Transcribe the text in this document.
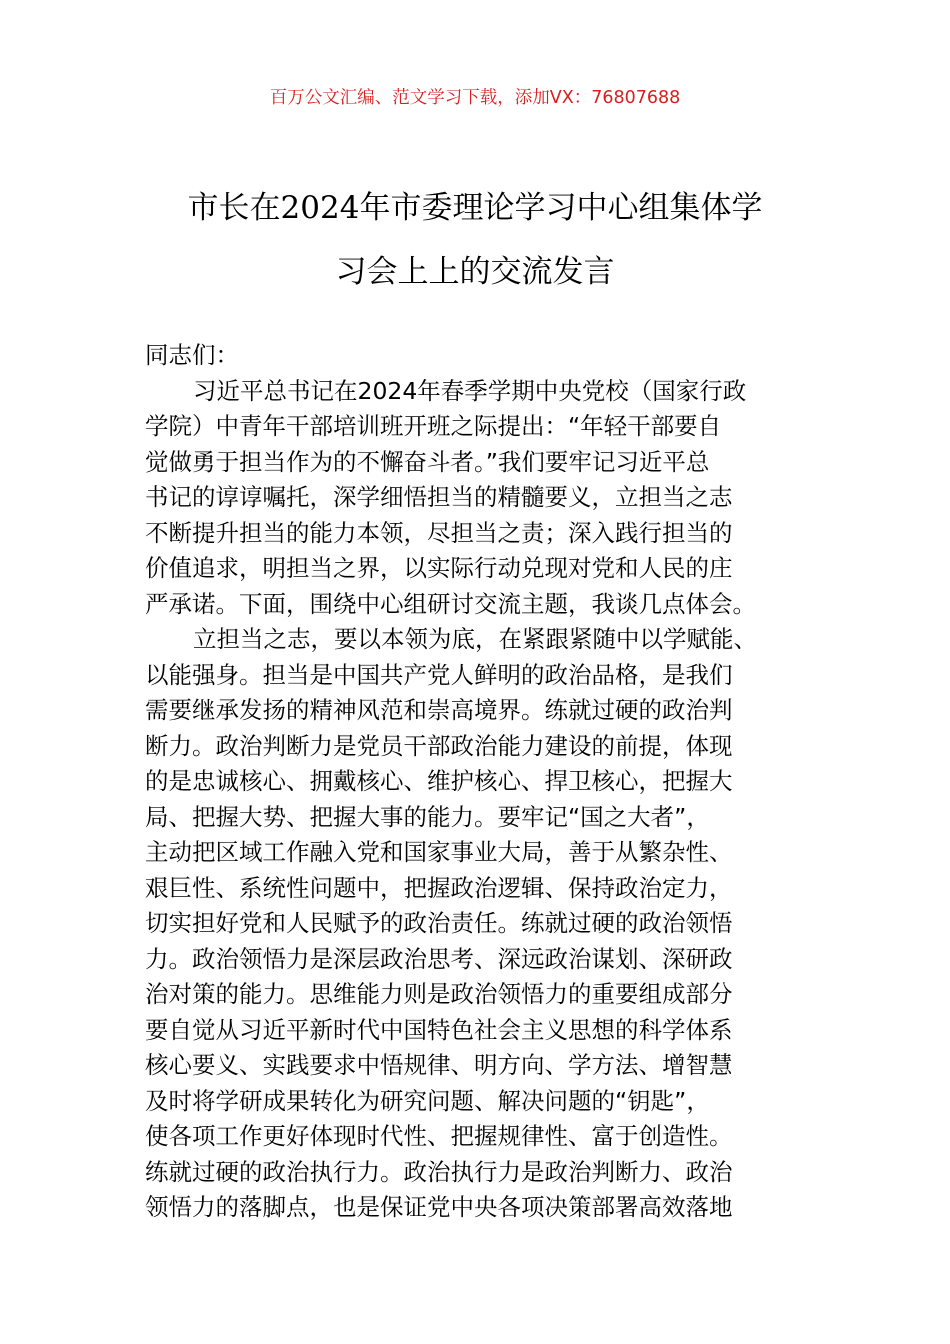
百万公文汇编、范文学习下载，添加VX：76807688
市长在2024年市委理论学习中心组集体学
习会上上的交流发言
同志们：
习近平总书记在2024年春季学期中央党校（国家行政
学院）中青年干部培训班开班之际提出：“年轻干部要自
觉做勇于担当作为的不懈奋斗者。”我们要牢记习近平总
书记的谆谆嘱托，深学细悟担当的精髓要义，立担当之志
不断提升担当的能力本领，尽担当之责；深入践行担当的
价值追求，明担当之界，以实际行动兑现对党和人民的庄
严承诺。下面，围绕中心组研讨交流主题，我谈几点体会。
立担当之志，要以本领为底，在紧跟紧随中以学赋能、
以能强身。担当是中国共产党人鲜明的政治品格，是我们
需要继承发扬的精神风范和崇高境界。练就过硬的政治判
断力。政治判断力是党员干部政治能力建设的前提，体现
的是忠诚核心、拥戴核心、维护核心、捍卫核心，把握大
局、把握大势、把握大事的能力。要牢记“国之大者”，
主动把区域工作融入党和国家事业大局，善于从繁杂性、
艰巨性、系统性问题中，把握政治逻辑、保持政治定力，
切实担好党和人民赋予的政治责任。练就过硬的政治领悟
力。政治领悟力是深层政治思考、深远政治谋划、深研政
治对策的能力。思维能力则是政治领悟力的重要组成部分
要自觉从习近平新时代中国特色社会主义思想的科学体系
核心要义、实践要求中悟规律、明方向、学方法、增智慧
及时将学研成果转化为研究问题、解决问题的“钥匙”，
使各项工作更好体现时代性、把握规律性、富于创造性。
练就过硬的政治执行力。政治执行力是政治判断力、政治
领悟力的落脚点，也是保证党中央各项决策部署高效落地
